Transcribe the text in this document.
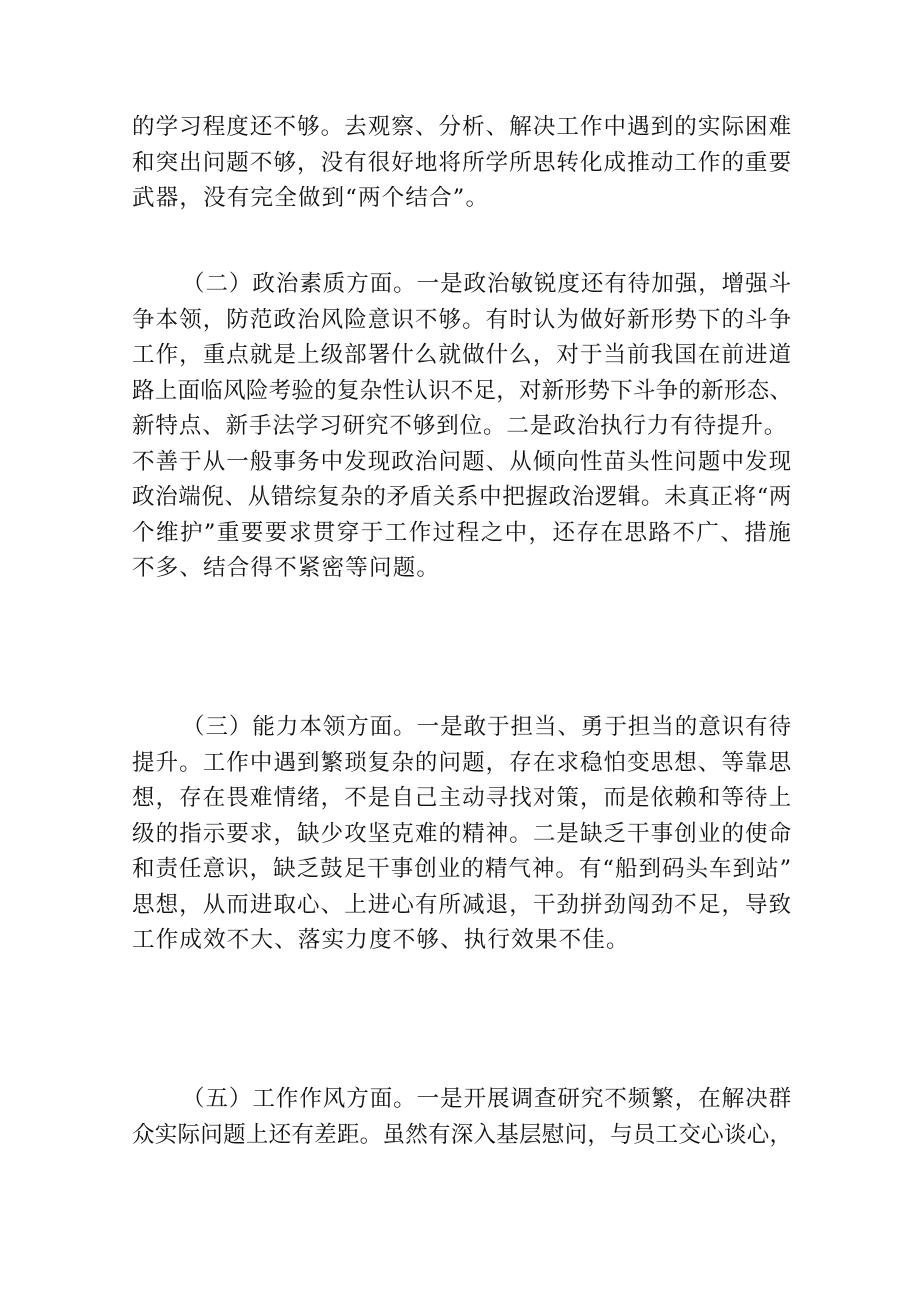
的学习程度还不够。去观察、分析、解决工作中遇到的实际困难
和突出问题不够，没有很好地将所学所思转化成推动工作的重要
武器，没有完全做到“两个结合”。
（二）政治素质方面。一是政治敏锐度还有待加强，增强斗
争本领，防范政治风险意识不够。有时认为做好新形势下的斗争
工作，重点就是上级部署什么就做什么，对于当前我国在前进道
路上面临风险考验的复杂性认识不足，对新形势下斗争的新形态、
新特点、新手法学习研究不够到位。二是政治执行力有待提升。
不善于从一般事务中发现政治问题、从倾向性苗头性问题中发现
政治端倪、从错综复杂的矛盾关系中把握政治逻辑。未真正将“两
个维护”重要要求贯穿于工作过程之中，还存在思路不广、措施
不多、结合得不紧密等问题。
（三）能力本领方面。一是敢于担当、勇于担当的意识有待
提升。工作中遇到繁琐复杂的问题，存在求稳怕变思想、等靠思
想，存在畏难情绪，不是自己主动寻找对策，而是依赖和等待上
级的指示要求，缺少攻坚克难的精神。二是缺乏干事创业的使命
和责任意识，缺乏鼓足干事创业的精气神。有“船到码头车到站”
思想，从而进取心、上进心有所减退，干劲拼劲闯劲不足，导致
工作成效不大、落实力度不够、执行效果不佳。
（五）工作作风方面。一是开展调查研究不频繁，在解决群
众实际问题上还有差距。虽然有深入基层慰问，与员工交心谈心，
